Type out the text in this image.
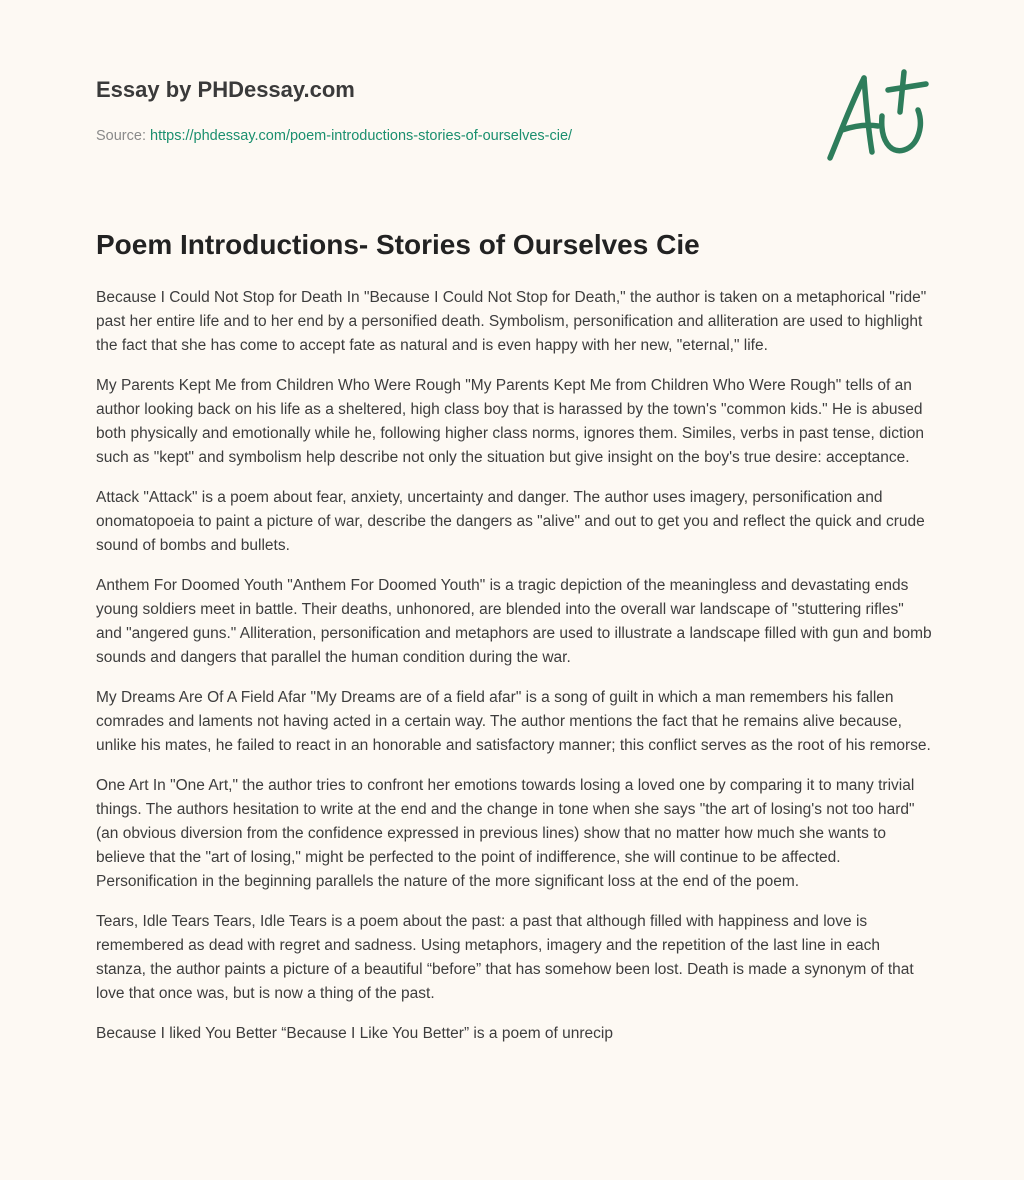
Essay by PHDessay.com
Source: https://phdessay.com/poem-introductions-stories-of-ourselves-cie/
Poem Introductions- Stories of Ourselves Cie

Because I Could Not Stop for Death In "Because I Could Not Stop for Death," the author is taken on a metaphorical "ride" past her entire life and to her end by a personified death. Symbolism, personification and alliteration are used to highlight the fact that she has come to accept fate as natural and is even happy with her new, "eternal," life.

My Parents Kept Me from Children Who Were Rough "My Parents Kept Me from Children Who Were Rough" tells of an author looking back on his life as a sheltered, high class boy that is harassed by the town's "common kids." He is abused both physically and emotionally while he, following higher class norms, ignores them. Similes, verbs in past tense, diction such as "kept" and symbolism help describe not only the situation but give insight on the boy's true desire: acceptance.

Attack "Attack" is a poem about fear, anxiety, uncertainty and danger. The author uses imagery, personification and onomatopoeia to paint a picture of war, describe the dangers as "alive" and out to get you and reflect the quick and crude sound of bombs and bullets.

Anthem For Doomed Youth "Anthem For Doomed Youth" is a tragic depiction of the meaningless and devastating ends young soldiers meet in battle. Their deaths, unhonored, are blended into the overall war landscape of "stuttering rifles" and "angered guns." Alliteration, personification and metaphors are used to illustrate a landscape filled with gun and bomb sounds and dangers that parallel the human condition during the war.

My Dreams Are Of A Field Afar "My Dreams are of a field afar" is a song of guilt in which a man remembers his fallen comrades and laments not having acted in a certain way. The author mentions the fact that he remains alive because, unlike his mates, he failed to react in an honorable and satisfactory manner; this conflict serves as the root of his remorse.

One Art In "One Art," the author tries to confront her emotions towards losing a loved one by comparing it to many trivial things. The authors hesitation to write at the end and the change in tone when she says "the art of losing's not too hard" (an obvious diversion from the confidence expressed in previous lines) show that no matter how much she wants to believe that the "art of losing," might be perfected to the point of indifference, she will continue to be affected. Personification in the beginning parallels the nature of the more significant loss at the end of the poem.

Tears, Idle Tears Tears, Idle Tears is a poem about the past: a past that although filled with happiness and love is remembered as dead with regret and sadness. Using metaphors, imagery and the repetition of the last line in each stanza, the author paints a picture of a beautiful “before” that has somehow been lost. Death is made a synonym of that love that once was, but is now a thing of the past.

Because I liked You Better “Because I Like You Better” is a poem of unrecip
